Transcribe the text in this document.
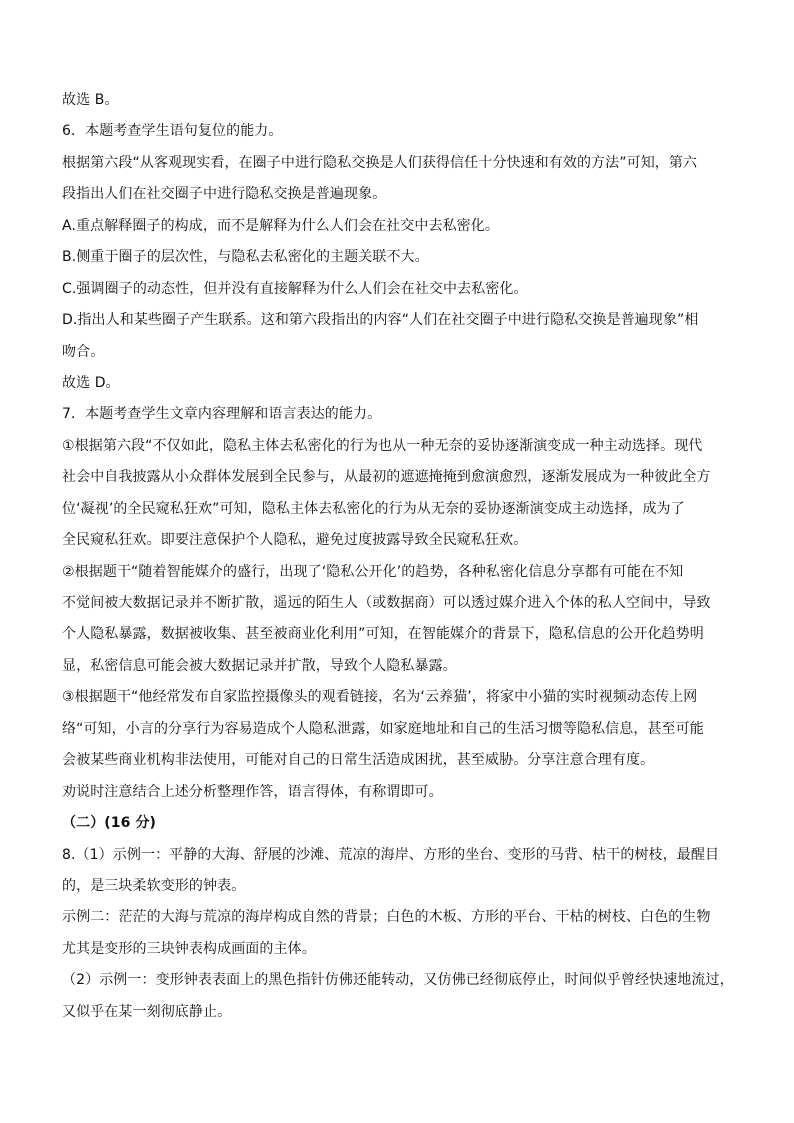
故选 B。
6．本题考查学生语句复位的能力。
根据第六段“从客观现实看，在圈子中进行隐私交换是人们获得信任十分快速和有效的方法”可知，第六
段指出人们在社交圈子中进行隐私交换是普遍现象。
A.重点解释圈子的构成，而不是解释为什么人们会在社交中去私密化。
B.侧重于圈子的层次性，与隐私去私密化的主题关联不大。
C.强调圈子的动态性，但并没有直接解释为什么人们会在社交中去私密化。
D.指出人和某些圈子产生联系。这和第六段指出的内容“人们在社交圈子中进行隐私交换是普遍现象”相
吻合。
故选 D。
7．本题考查学生文章内容理解和语言表达的能力。
①根据第六段“不仅如此，隐私主体去私密化的行为也从一种无奈的妥协逐渐演变成一种主动选择。现代
社会中自我披露从小众群体发展到全民参与，从最初的遮遮掩掩到愈演愈烈，逐渐发展成为一种彼此全方
位‘凝视’的全民窥私狂欢”可知，隐私主体去私密化的行为从无奈的妥协逐渐演变成主动选择，成为了
全民窥私狂欢。即要注意保护个人隐私，避免过度披露导致全民窥私狂欢。
②根据题干“随着智能媒介的盛行，出现了‘隐私公开化’的趋势，各种私密化信息分享都有可能在不知
不觉间被大数据记录并不断扩散，遥远的陌生人（或数据商）可以透过媒介进入个体的私人空间中，导致
个人隐私暴露，数据被收集、甚至被商业化利用”可知，在智能媒介的背景下，隐私信息的公开化趋势明
显，私密信息可能会被大数据记录并扩散，导致个人隐私暴露。
③根据题干“他经常发布自家监控摄像头的观看链接，名为‘云养猫’，将家中小猫的实时视频动态传上网
络“可知，小言的分享行为容易造成个人隐私泄露，如家庭地址和自己的生活习惯等隐私信息，甚至可能
会被某些商业机构非法使用，可能对自己的日常生活造成困扰，甚至威胁。分享注意合理有度。
劝说时注意结合上述分析整理作答，语言得体，有称谓即可。
（二）(16 分)
8.（1）示例一：平静的大海、舒展的沙滩、荒凉的海岸、方形的坐台、变形的马背、枯干的树枝，最醒目
的，是三块柔软变形的钟表。
示例二：茫茫的大海与荒凉的海岸构成自然的背景；白色的木板、方形的平台、干枯的树枝、白色的生物
尤其是变形的三块钟表构成画面的主体。
（2）示例一：变形钟表表面上的黑色指针仿佛还能转动，又仿佛已经彻底停止，时间似乎曾经快速地流过，
又似乎在某一刻彻底静止。
